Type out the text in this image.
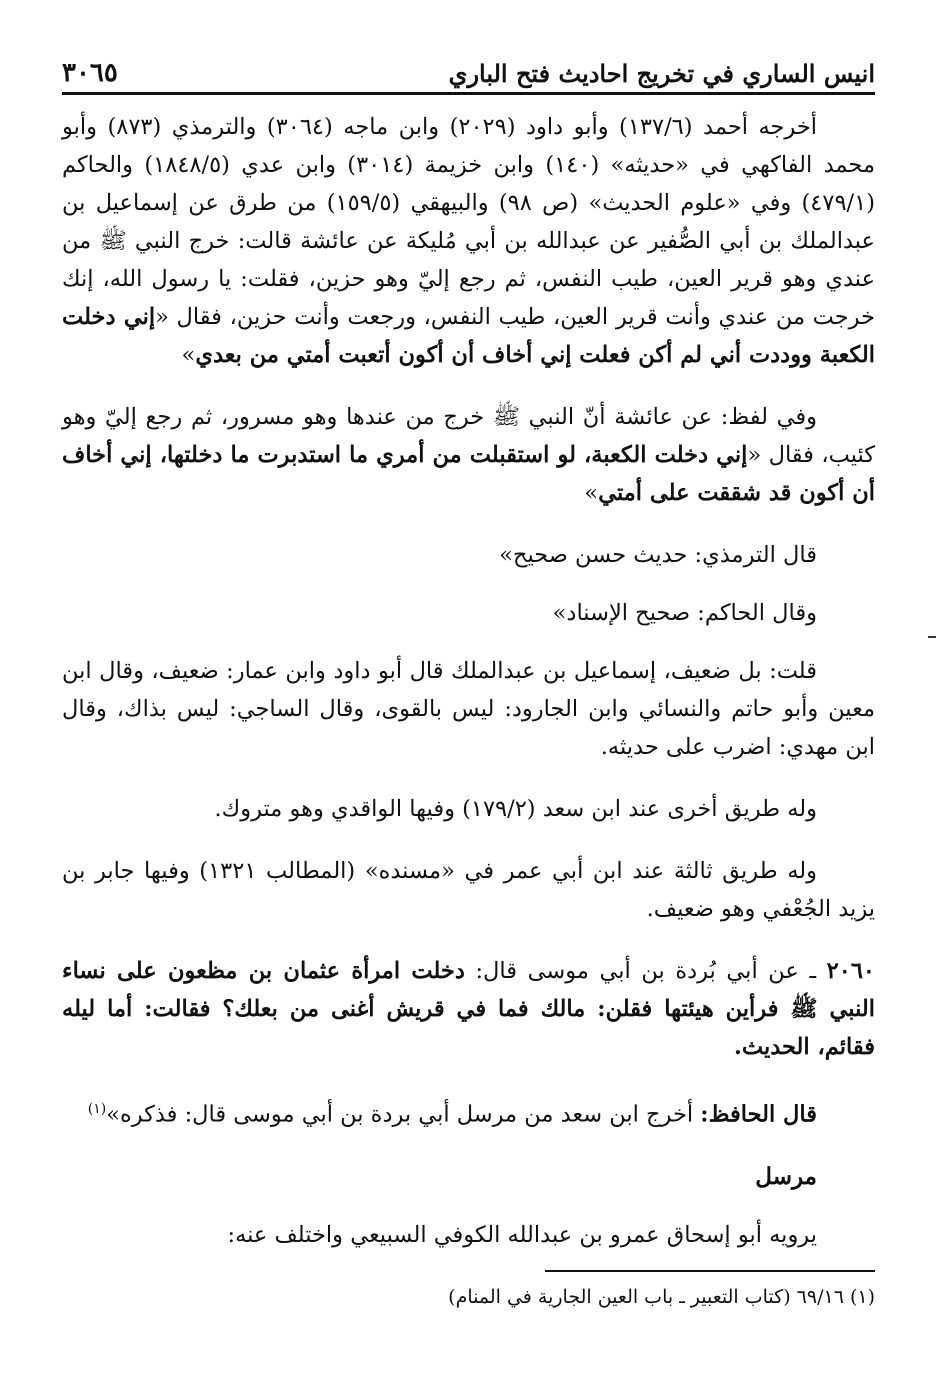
انيس الساري في تخريج احاديث فتح الباري
٣٠٦٥

أخرجه أحمد (١٣٧/٦) وأبو داود (٢٠٢٩) وابن ماجه (٣٠٦٤) والترمذي (٨٧٣) وأبو محمد الفاكهي في «حديثه» (١٤٠) وابن خزيمة (٣٠١٤) وابن عدي (١٨٤٨/٥) والحاكم (٤٧٩/١) وفي «علوم الحديث» (ص ٩٨) والبيهقي (١٥٩/٥) من طرق عن إسماعيل بن عبدالملك بن أبي الصُّفير عن عبدالله بن أبي مُليكة عن عائشة قالت: خرج النبي ﷺ من عندي وهو قرير العين، طيب النفس، ثم رجع إليّ وهو حزين، فقلت: يا رسول الله، إنك خرجت من عندي وأنت قرير العين، طيب النفس، ورجعت وأنت حزين، فقال «إني دخلت الكعبة ووددت أني لم أكن فعلت إني أخاف أن أكون أتعبت أمتي من بعدي»

وفي لفظ: عن عائشة أنّ النبي ﷺ خرج من عندها وهو مسرور، ثم رجع إليّ وهو كئيب، فقال «إني دخلت الكعبة، لو استقبلت من أمري ما استدبرت ما دخلتها، إني أخاف أن أكون قد شققت على أمتي»

قال الترمذي: حديث حسن صحيح»

وقال الحاكم: صحيح الإسناد»

قلت: بل ضعيف، إسماعيل بن عبدالملك قال أبو داود وابن عمار: ضعيف، وقال ابن معين وأبو حاتم والنسائي وابن الجارود: ليس بالقوى، وقال الساجي: ليس بذاك، وقال ابن مهدي: اضرب على حديثه.

وله طريق أخرى عند ابن سعد (١٧٩/٢) وفيها الواقدي وهو متروك.

وله طريق ثالثة عند ابن أبي عمر في «مسنده» (المطالب ١٣٢١) وفيها جابر بن يزيد الجُعْفي وهو ضعيف.

٢٠٦٠ ـ عن أبي بُردة بن أبي موسى قال: دخلت امرأة عثمان بن مظعون على نساء النبي ﷺ فرأين هيئتها فقلن: مالك فما في قريش أغنى من بعلك؟ فقالت: أما ليله فقائم، الحديث.

قال الحافظ: أخرج ابن سعد من مرسل أبي بردة بن أبي موسى قال: فذكره»$^{(١)}$

مرسل

يرويه أبو إسحاق عمرو بن عبدالله الكوفي السبيعي واختلف عنه:

(١) ٦٩/١٦ (كتاب التعبير ـ باب العين الجارية في المنام)
